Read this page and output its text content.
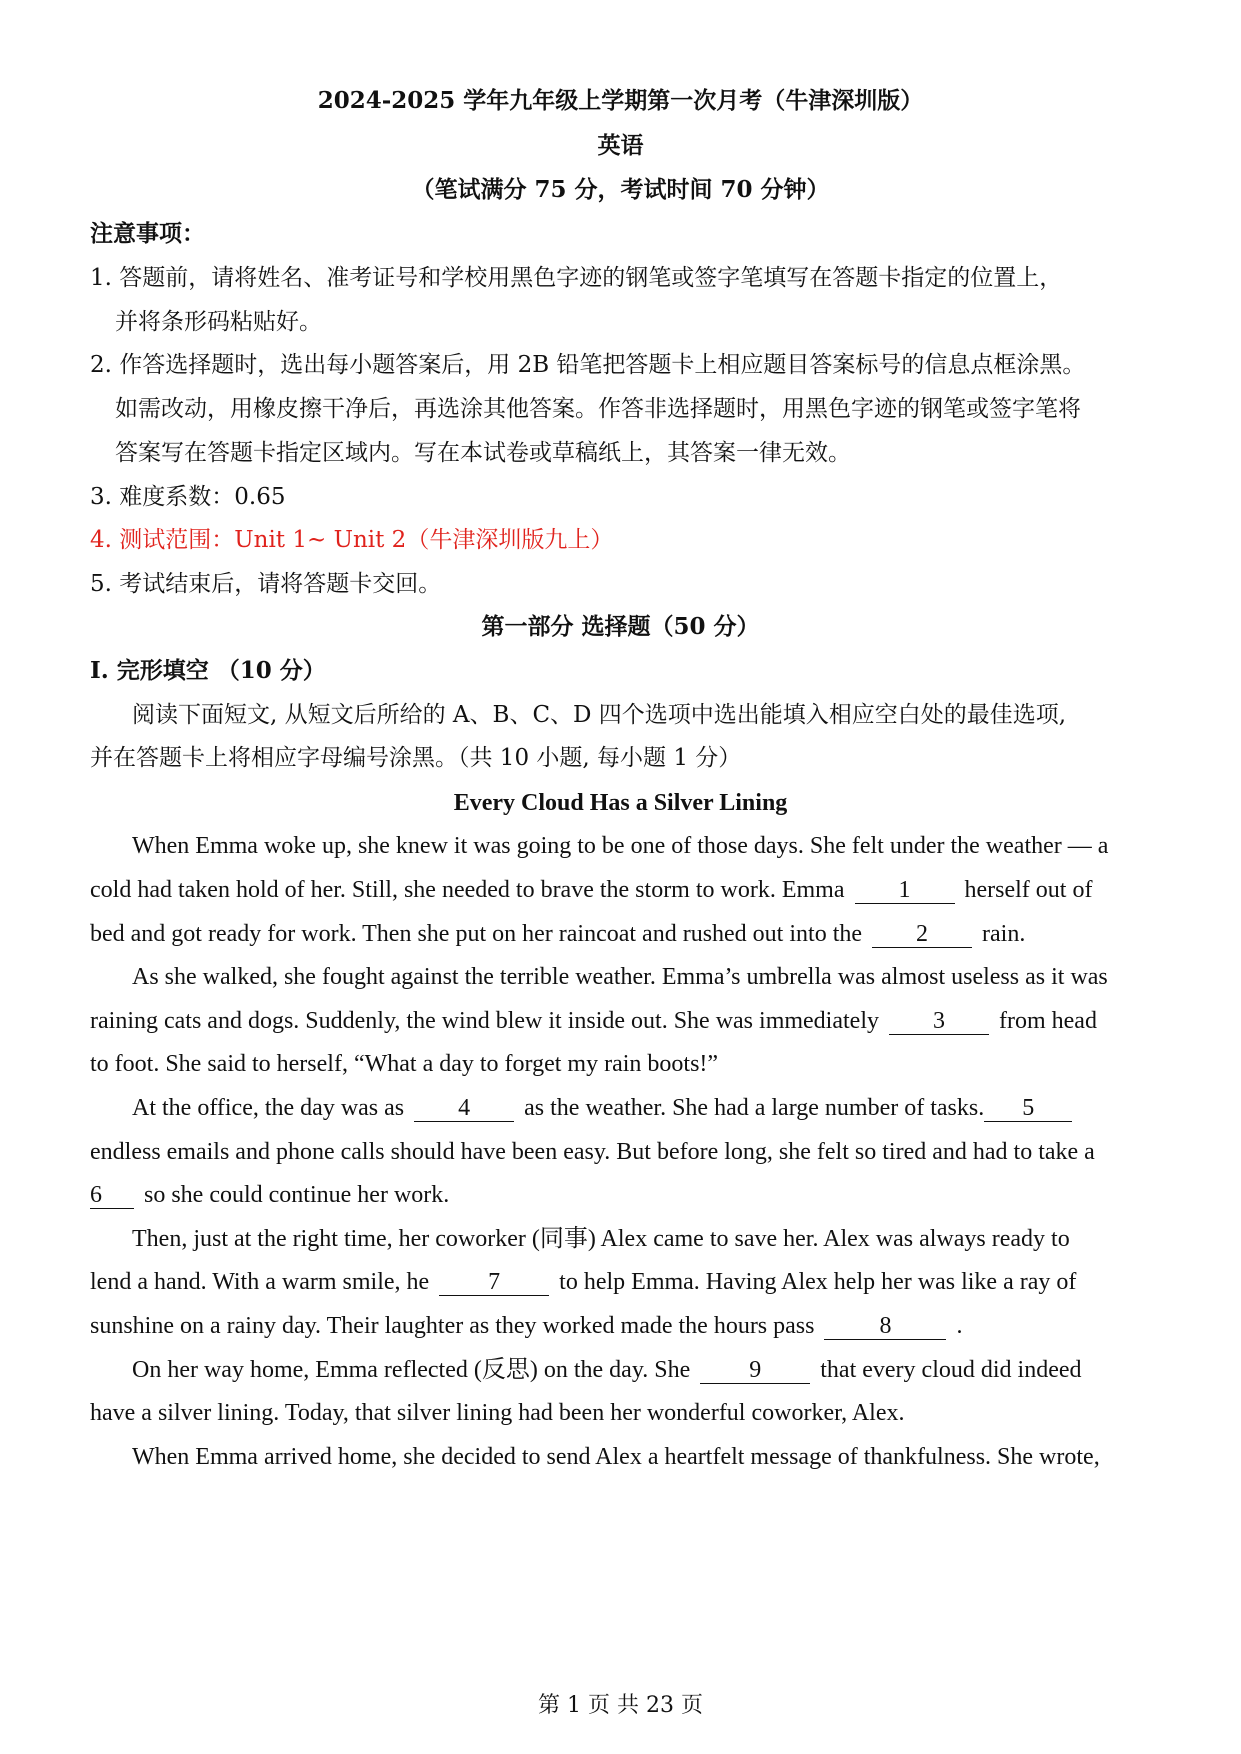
2024-2025 学年九年级上学期第一次月考（牛津深圳版）
英语
（笔试满分 75 分，考试时间 70 分钟）
注意事项：
1. 答题前，请将姓名、准考证号和学校用黑色字迹的钢笔或签字笔填写在答题卡指定的位置上，
并将条形码粘贴好。
2. 作答选择题时，选出每小题答案后，用 2B 铅笔把答题卡上相应题目答案标号的信息点框涂黑。
如需改动，用橡皮擦干净后，再选涂其他答案。作答非选择题时，用黑色字迹的钢笔或签字笔将
答案写在答题卡指定区域内。写在本试卷或草稿纸上，其答案一律无效。
3. 难度系数：0.65
4. 测试范围：Unit 1~ Unit 2（牛津深圳版九上）
5. 考试结束后，请将答题卡交回。
第一部分 选择题（50 分）
I. 完形填空 （10 分）
阅读下面短文, 从短文后所给的 A、B、C、D 四个选项中选出能填入相应空白处的最佳选项,
并在答题卡上将相应字母编号涂黑。（共 10 小题, 每小题 1 分）
Every Cloud Has a Silver Lining
When Emma woke up, she knew it was going to be one of those days. She felt under the weather — a
cold had taken hold of her. Still, she needed to brave the storm to work. Emma 1 herself out of
bed and got ready for work. Then she put on her raincoat and rushed out into the 2 rain.
As she walked, she fought against the terrible weather. Emma’s umbrella was almost useless as it was
raining cats and dogs. Suddenly, the wind blew it inside out. She was immediately 3 from head
to foot. She said to herself, “What a day to forget my rain boots!”
At the office, the day was as 4 as the weather. She had a large number of tasks. 5
endless emails and phone calls should have been easy. But before long, she felt so tired and had to take a
6 so she could continue her work.
Then, just at the right time, her coworker (同事) Alex came to save her. Alex was always ready to
lend a hand. With a warm smile, he 7 to help Emma. Having Alex help her was like a ray of
sunshine on a rainy day. Their laughter as they worked made the hours pass	8	.
On her way home, Emma reflected (反思) on the day. She 9 that every cloud did indeed
have a silver lining. Today, that silver lining had been her wonderful coworker, Alex.
When Emma arrived home, she decided to send Alex a heartfelt message of thankfulness. She wrote,
第 1 页 共 23 页
